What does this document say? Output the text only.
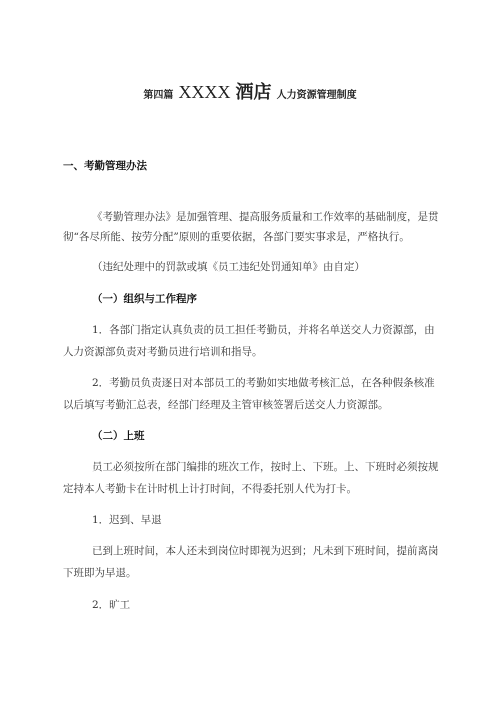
第四篇 XXXX 酒店 人力资源管理制度
一、考勤管理办法
《考勤管理办法》是加强管理、提高服务质量和工作效率的基础制度，是贯
彻“各尽所能、按劳分配”原则的重要依据，各部门要实事求是，严格执行。
（违纪处理中的罚款或填《员工违纪处罚通知单》由自定）
（一）组织与工作程序
1．各部门指定认真负责的员工担任考勤员，并将名单送交人力资源部，由
人力资源部负责对考勤员进行培训和指导。
2．考勤员负责逐日对本部员工的考勤如实地做考核汇总，在各种假条核准
以后填写考勤汇总表，经部门经理及主管审核签署后送交人力资源部。
（二）上班
员工必须按所在部门编排的班次工作，按时上、下班。上、下班时必须按规
定持本人考勤卡在计时机上计打时间，不得委托别人代为打卡。
1．迟到、早退
已到上班时间，本人还未到岗位时即视为迟到；凡未到下班时间，提前离岗
下班即为早退。
2．旷工
